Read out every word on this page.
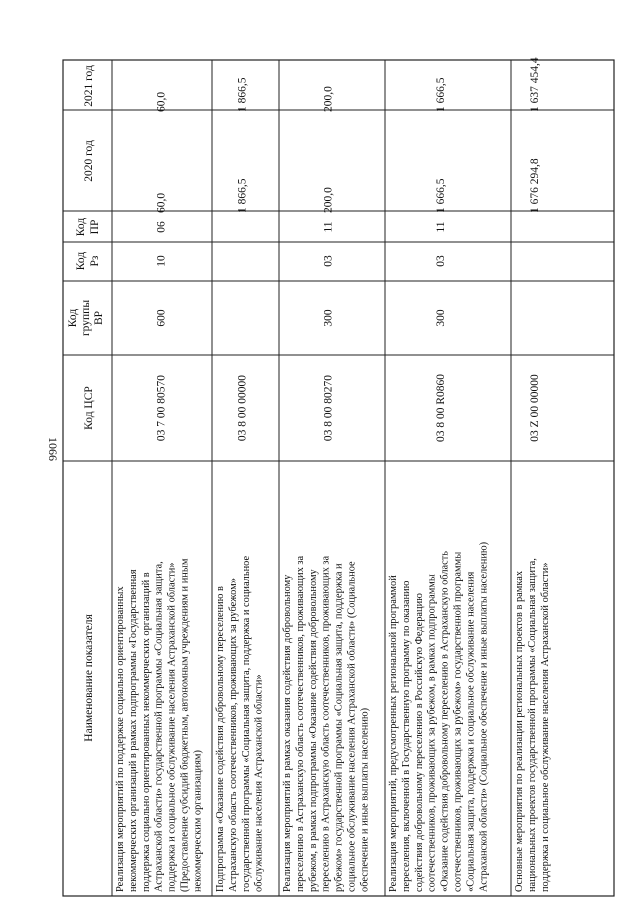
1066
Наименование показателя
Код ЦСР
Код группы ВР
Код Рз
Код ПР
2020 год
2021 год
Реализация мероприятий по поддержке социально ориентированных некоммерческих организаций в рамках подпрограммы «Государственная поддержка социально ориентированных некоммерческих организаций в Астраханской области» государственной программы «Социальная защита, поддержка и социальное обслуживание населения Астраханской области» (Предоставление субсидий бюджетным, автономным учреждениям и иным некоммерческим организациям)
03 7 00 80570
600
10
06
60,0
60,0
Подпрограмма «Оказание содействия добровольному переселению в Астраханскую область соотечественников, проживающих за рубежом» государственной программы «Социальная защита, поддержка и социальное обслуживание населения Астраханской области»
03 8 00 00000
1 866,5
1 866,5
Реализация мероприятий в рамках оказания содействия добровольному переселению в Астраханскую область соотечественников, проживающих за рубежом, в рамках подпрограммы «Оказание содействия добровольному переселению в Астраханскую область соотечественников, проживающих за рубежом» государственной программы «Социальная защита, поддержка и социальное обслуживание населения Астраханской области» (Социальное обеспечение и иные выплаты населению)
03 8 00 80270
300
03
11
200,0
200,0
Реализация мероприятий, предусмотренных региональной программой переселения, включенной в Государственную программу по оказанию содействия добровольному переселению в Российскую Федерацию соотечественников, проживающих за рубежом, в рамках подпрограммы «Оказание содействия добровольному переселению в Астраханскую область соотечественников, проживающих за рубежом» государственной программы «Социальная защита, поддержка и социальное обслуживание населения Астраханской области» (Социальное обеспечение и иные выплаты населению)
03 8 00 R0860
300
03
11
1 666,5
1 666,5
Основные мероприятия по реализации региональных проектов в рамках национальных проектов государственной программы «Социальная защита, поддержка и социальное обслуживание населения Астраханской области»
03 Z 00 00000
1 676 294,8
1 637 454,4
